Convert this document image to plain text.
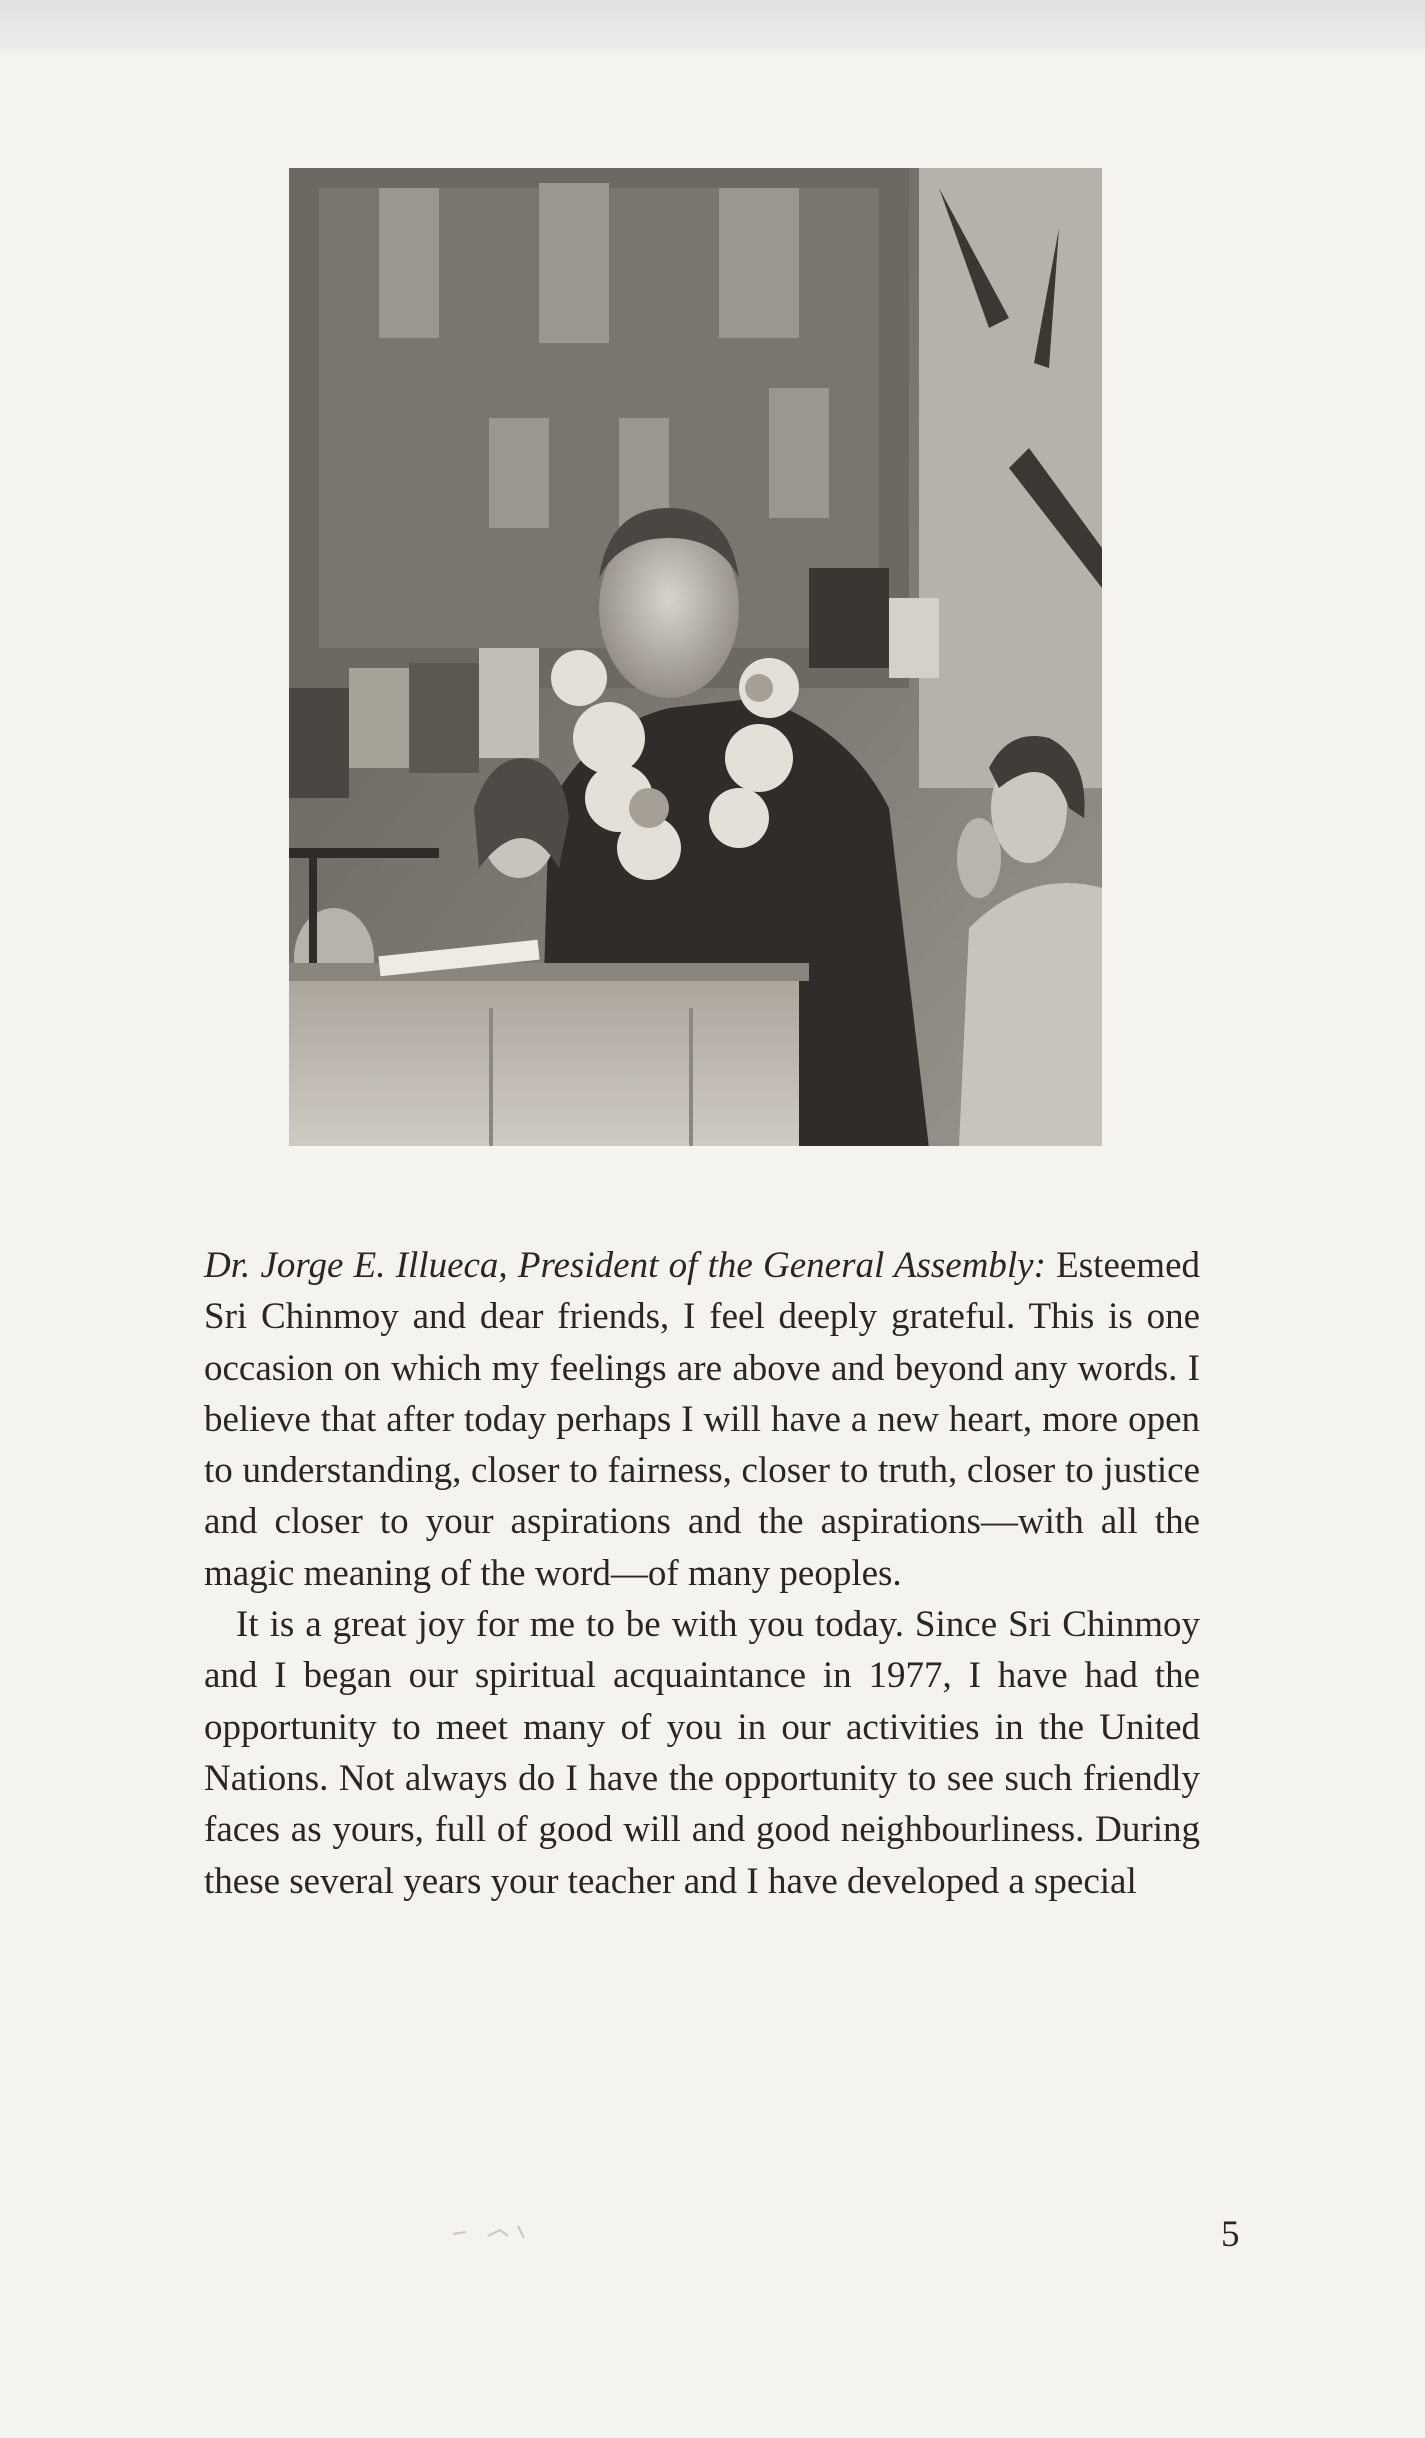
Dr. Jorge E. Illueca, President of the General Assembly: Esteemed Sri Chinmoy and dear friends, I feel deeply grateful. This is one occasion on which my feelings are above and beyond any words. I believe that after today perhaps I will have a new heart, more open to understanding, closer to fairness, closer to truth, closer to justice and closer to your aspirations and the aspirations—with all the magic meaning of the word—of many peoples.

It is a great joy for me to be with you today. Since Sri Chinmoy and I began our spiritual acquaintance in 1977, I have had the opportunity to meet many of you in our activities in the United Nations. Not always do I have the opportunity to see such friendly faces as yours, full of good will and good neighbourliness. During these several years your teacher and I have developed a special

5
